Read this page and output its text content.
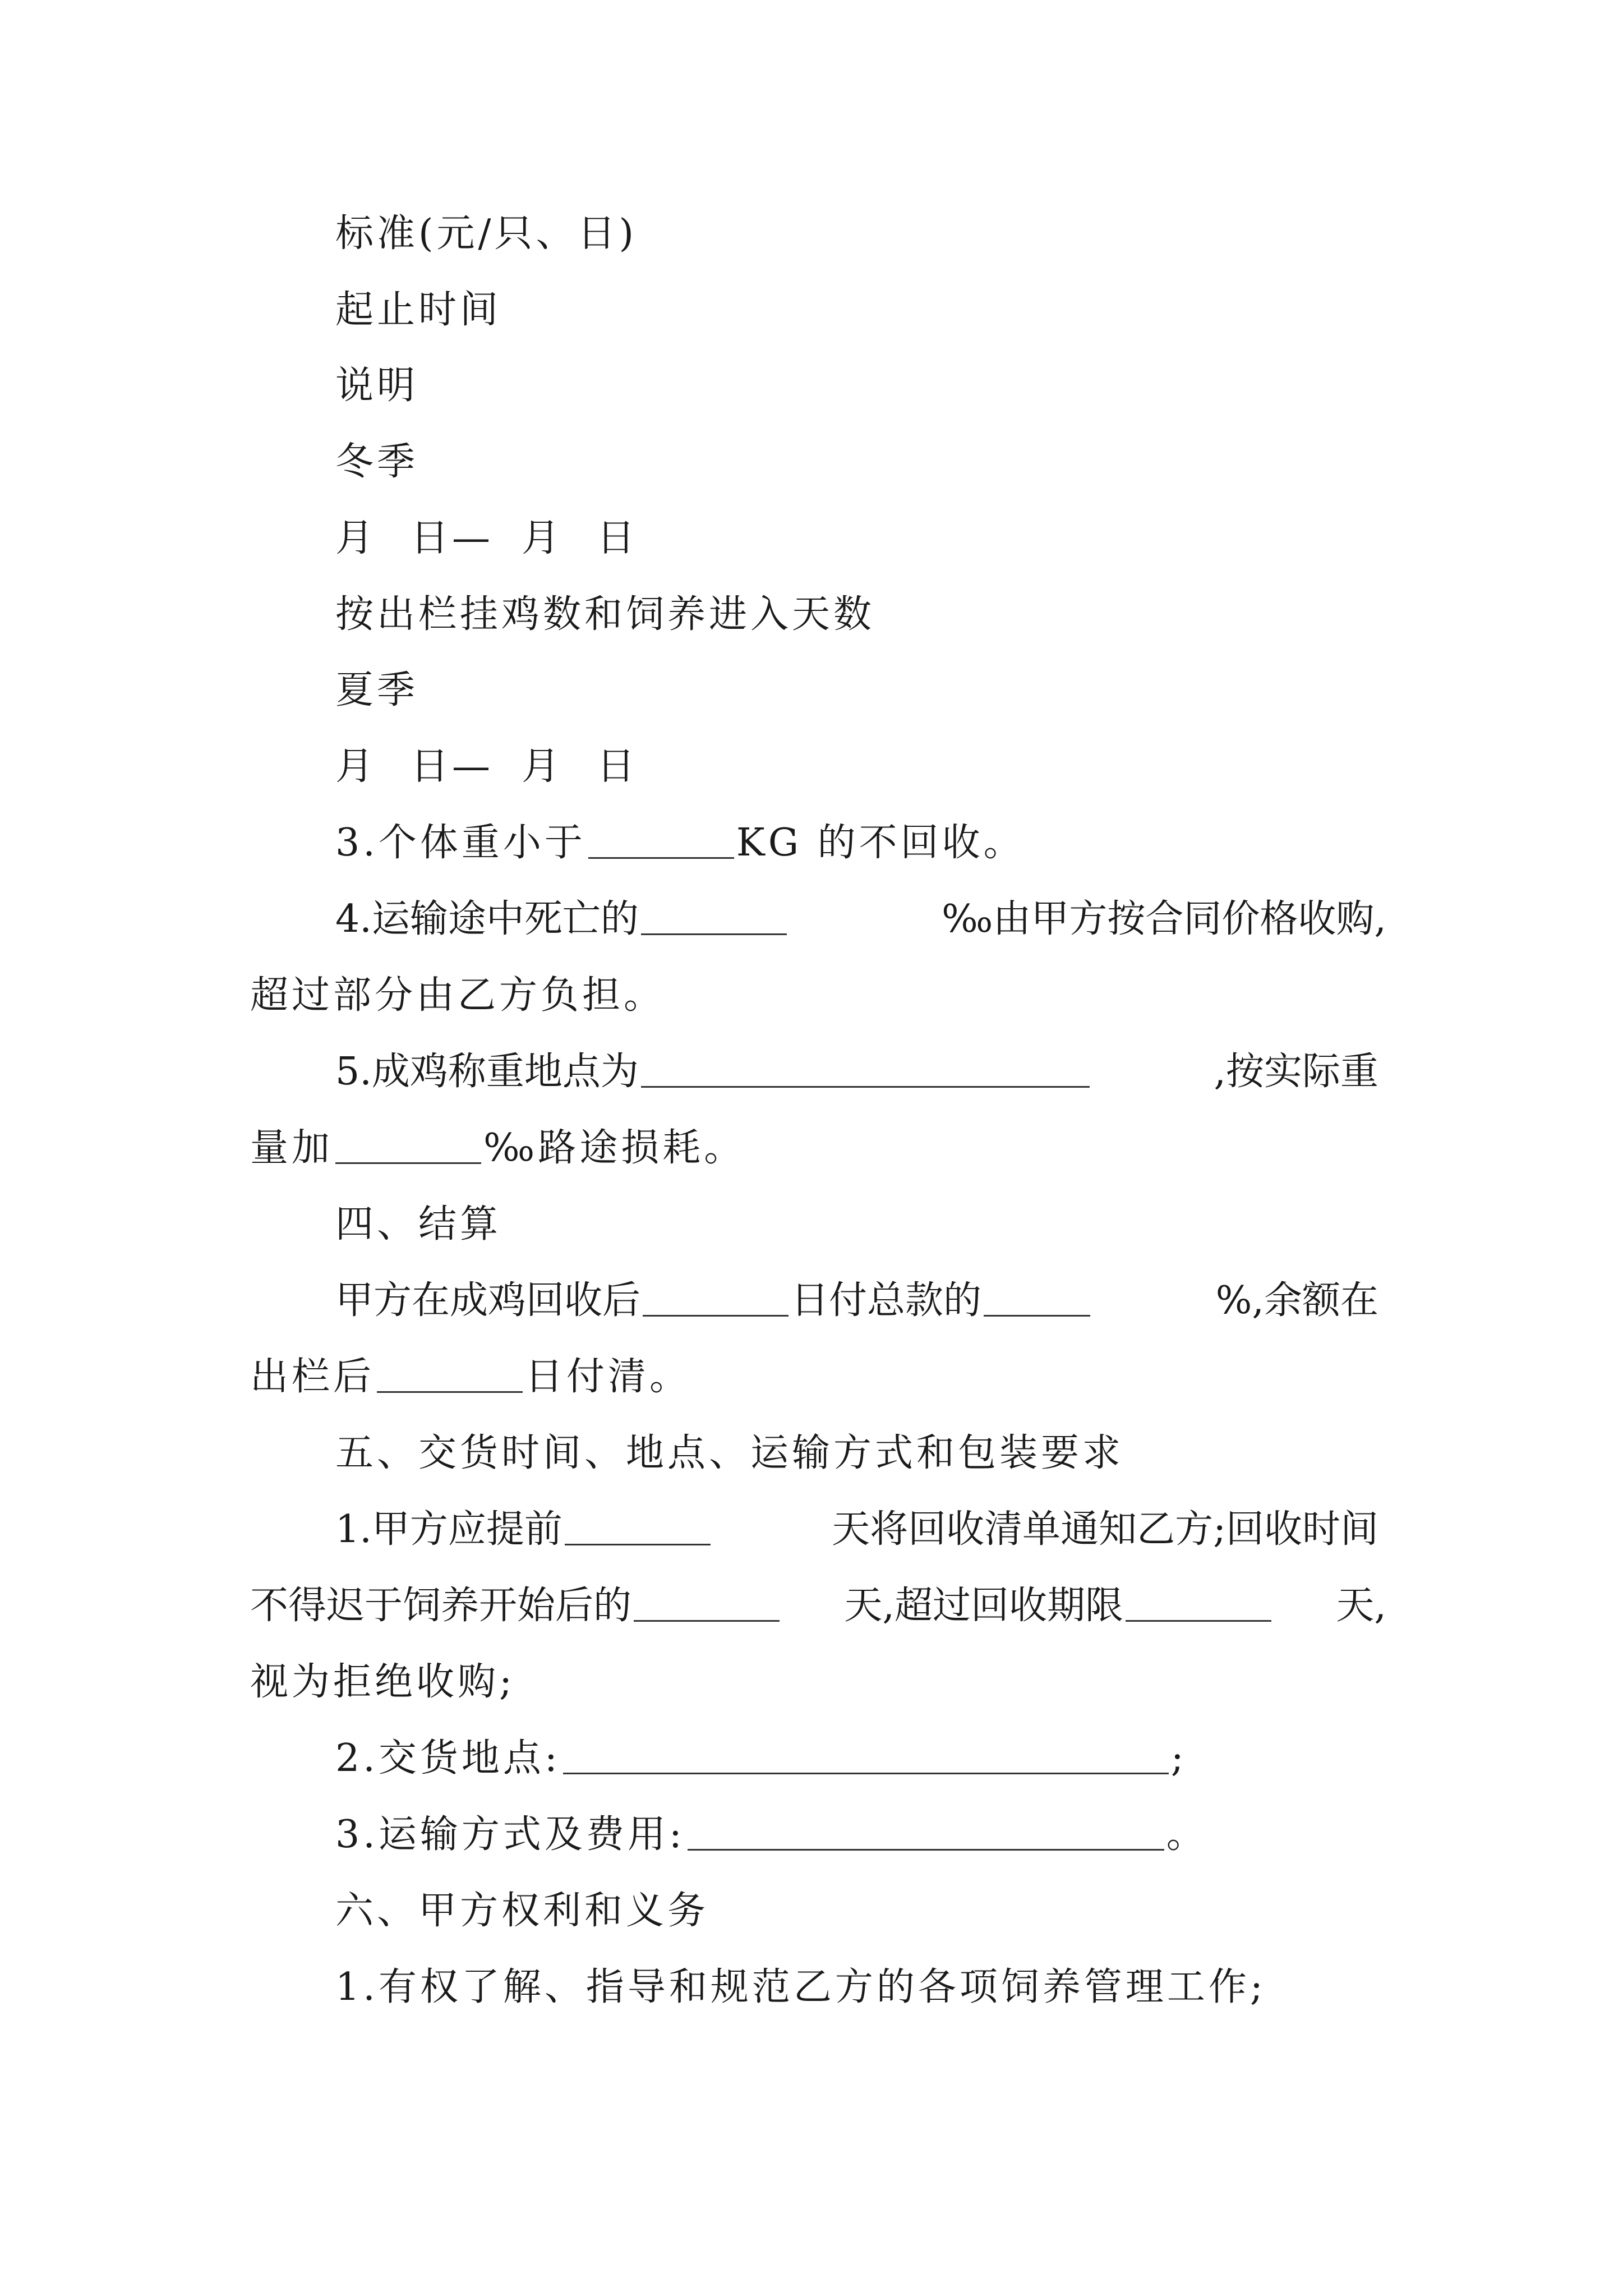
标准(元/只、日)
起止时间
说明
冬季
月 日— 月 日
按出栏挂鸡数和饲养进入天数
夏季
月 日— 月 日
3.个体重小于	KG 的不回收。
4.运输途中死亡的	‰由甲方按合同价格收购,
超过部分由乙方负担。
5.成鸡称重地点为	,按实际重
量加	‰路途损耗。
四、结算
甲方在成鸡回收后	日付总款的	%,余额在
出栏后	日付清。
五、交货时间、地点、运输方式和包装要求
1.甲方应提前	天将回收清单通知乙方;回收时间
不得迟于饲养开始后的	天,超过回收期限	天,
视为拒绝收购;
2.交货地点:	;
3.运输方式及费用:	。
六、甲方权利和义务
1.有权了解、指导和规范乙方的各项饲养管理工作;
